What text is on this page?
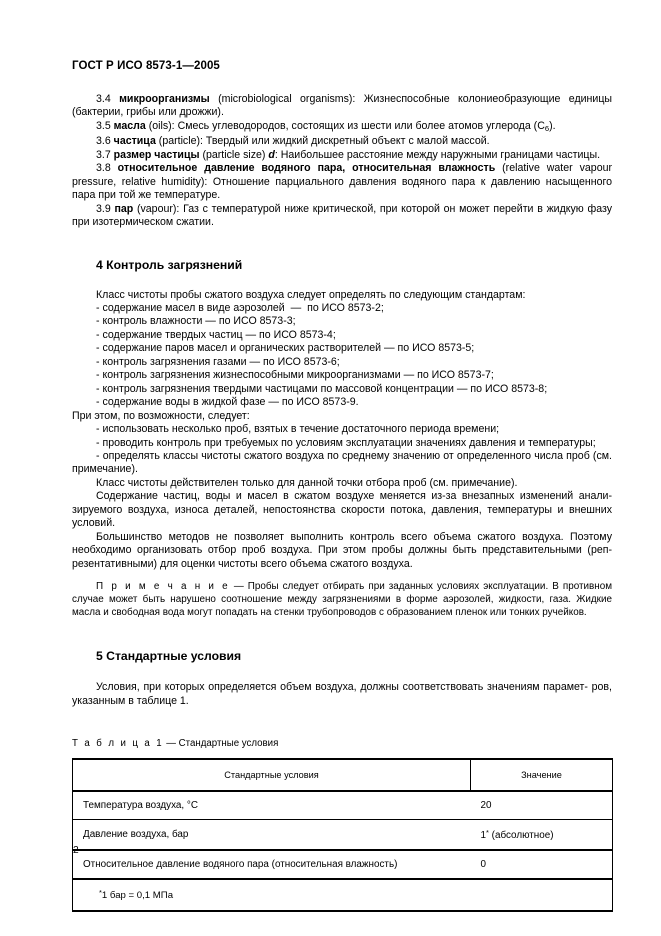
ГОСТ Р ИСО 8573-1—2005

3.4 микроорганизмы (microbiological organisms): Жизнеспособные колониеобразующие единицы (бактерии, грибы или дрожжи).

3.5 масла (oils): Смесь углеводородов, состоящих из шести или более атомов углерода $(C_6)$.

3.6 частица (particle): Твердый или жидкий дискретный объект с малой массой.

3.7 размер частицы (particle size) d: Наибольшее расстояние между наружными границами частицы.

3.8 относительное давление водяного пара, относительная влажность (relative water vapour pressure, relative humidity): Отношение парциального давления водяного пара к давлению насыщенного пара при той же температуре.

3.9 пар (vapour): Газ с температурой ниже критической, при которой он может перейти в жидкую фазу при изотермическом сжатии.

4 Контроль загрязнений

Класс чистоты пробы сжатого воздуха следует определять по следующим стандартам:

- содержание масел в виде аэрозолей  —  по ИСО 8573-2;

- контроль влажности — по ИСО 8573-3;

- содержание твердых частиц — по ИСО 8573-4;

- содержание паров масел и органических растворителей — по ИСО 8573-5;

- контроль загрязнения газами — по ИСО 8573-6;

- контроль загрязнения жизнеспособными микроорганизмами — по ИСО 8573-7;

- контроль загрязнения твердыми частицами по массовой концентрации — по ИСО 8573-8;

- содержание воды в жидкой фазе — по ИСО 8573-9.

При этом, по возможности, следует:

- использовать несколько проб, взятых в течение достаточного периода времени;

- проводить контроль при требуемых по условиям эксплуатации значениях давления и температуры;

- определять классы чистоты сжатого воздуха по среднему значению от определенного числа проб (см. примечание).

Класс чистоты действителен только для данной точки отбора проб (см. примечание).

Содержание частиц, воды и масел в сжатом воздухе меняется из-за внезапных изменений анали- зируемого воздуха, износа деталей, непостоянства скорости потока, давления, температуры и внешних условий.

Большинство методов не позволяет выполнить контроль всего объема сжатого воздуха. Поэтому необходимо организовать отбор проб воздуха. При этом пробы должны быть представительными (реп- резентативными) для оценки чистоты всего объема сжатого воздуха.

П р и м е ч а н и е — Пробы следует отбирать при заданных условиях эксплуатации. В противном случае может быть нарушено соотношение между загрязнениями в форме аэрозолей, жидкости, газа. Жидкие масла и свободная вода могут попадать на стенки трубопроводов с образованием пленок или тонких ручейков.

5 Стандартные условия

Условия, при которых определяется объем воздуха, должны соответствовать значениям парамет- ров, указанным в таблице 1.

Т а б л и ц а 1 — Стандартные условия

Стандартные условия	Значение
Температура воздуха, °C	20
Давление воздуха, бар	1* (абсолютное)
Относительное давление водяного пара (относительная влажность)	0
*1 бар = 0,1 МПа	
2
